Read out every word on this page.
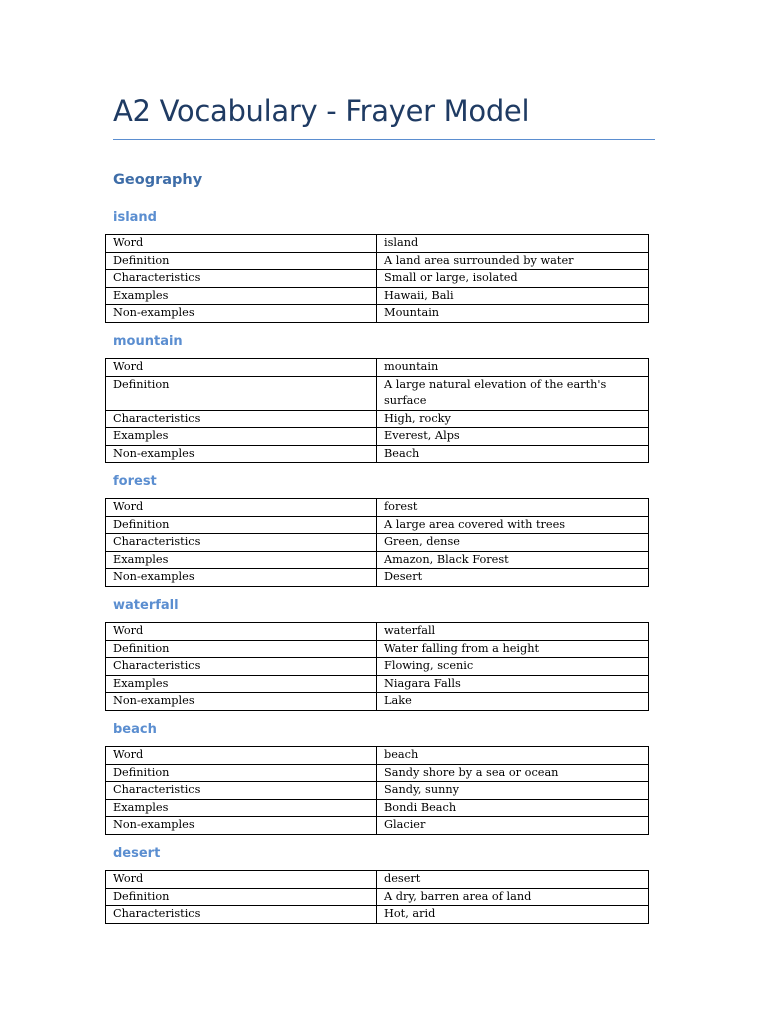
A2 Vocabulary - Frayer Model
Geography
island
Word	island
Definition	A land area surrounded by water
Characteristics	Small or large, isolated
Examples	Hawaii, Bali
Non-examples	Mountain
mountain
Word	mountain
Definition	A large natural elevation of the earth's surface
Characteristics	High, rocky
Examples	Everest, Alps
Non-examples	Beach
forest
Word	forest
Definition	A large area covered with trees
Characteristics	Green, dense
Examples	Amazon, Black Forest
Non-examples	Desert
waterfall
Word	waterfall
Definition	Water falling from a height
Characteristics	Flowing, scenic
Examples	Niagara Falls
Non-examples	Lake
beach
Word	beach
Definition	Sandy shore by a sea or ocean
Characteristics	Sandy, sunny
Examples	Bondi Beach
Non-examples	Glacier
desert
Word	desert
Definition	A dry, barren area of land
Characteristics	Hot, arid
